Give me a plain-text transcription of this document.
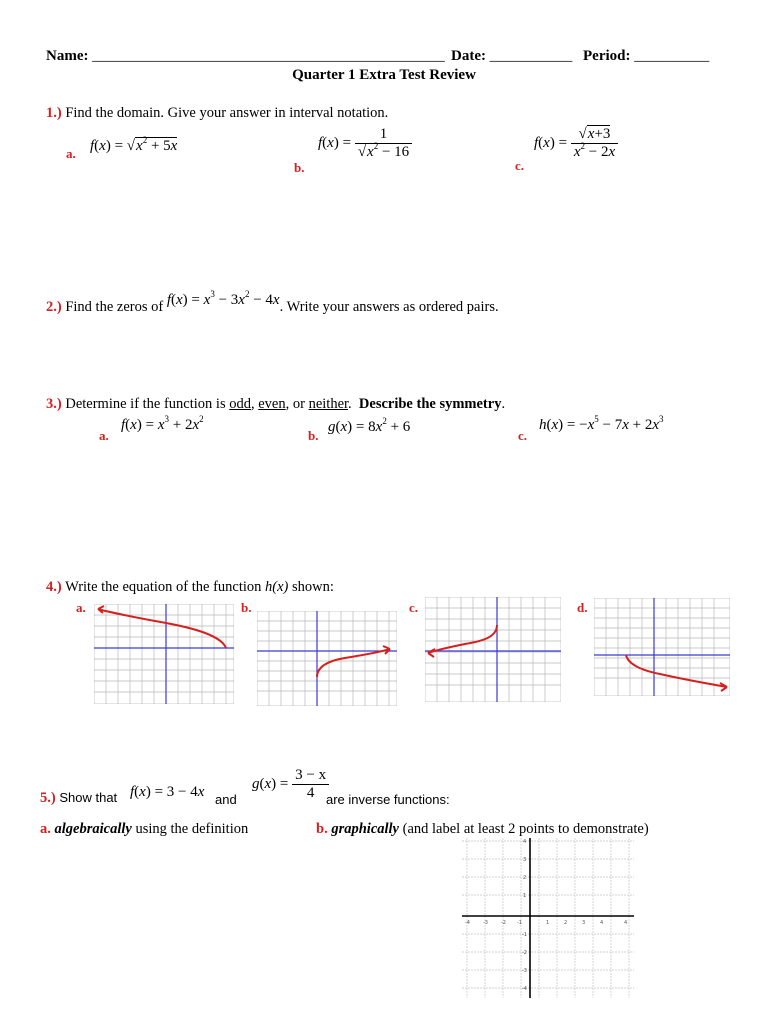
Name: _______________________________________________ Date: ___________ Period: __________
Quarter 1 Extra Test Review
1.) Find the domain. Give your answer in interval notation.
a. $f(x) = √x^2 + 5x$
b.
$f(x) = \frac{1}{√x^2 - 16}$
c.
$f(x) = \frac{√x+3}{x^2 - 2x}$
2.) Find the zeros of $f(x) = x^3 - 3x^2 - 4x$. Write your answers as ordered pairs.
3.) Determine if the function is odd, even, or neither.  Describe the symmetry.
a.
$f(x) = x^3 + 2x^2$
b.
$g(x) = 8x^2 + 6$
c.
$h(x) = -x^5 - 7x + 2x^3$
4.) Write the equation of the function h(x) shown:
a.	b.	c.	d.
5.) Show that f(x) = 3 − 4x and
$g(x) = \frac{3 - x}{4}$
are inverse functions:
a. algebraically using the definition	b. graphically (and label at least 2 points to demonstrate)
-4	-3	-2 -1	1	2	3	4	4
4
3
2
1
-1
-2
-3
-4
